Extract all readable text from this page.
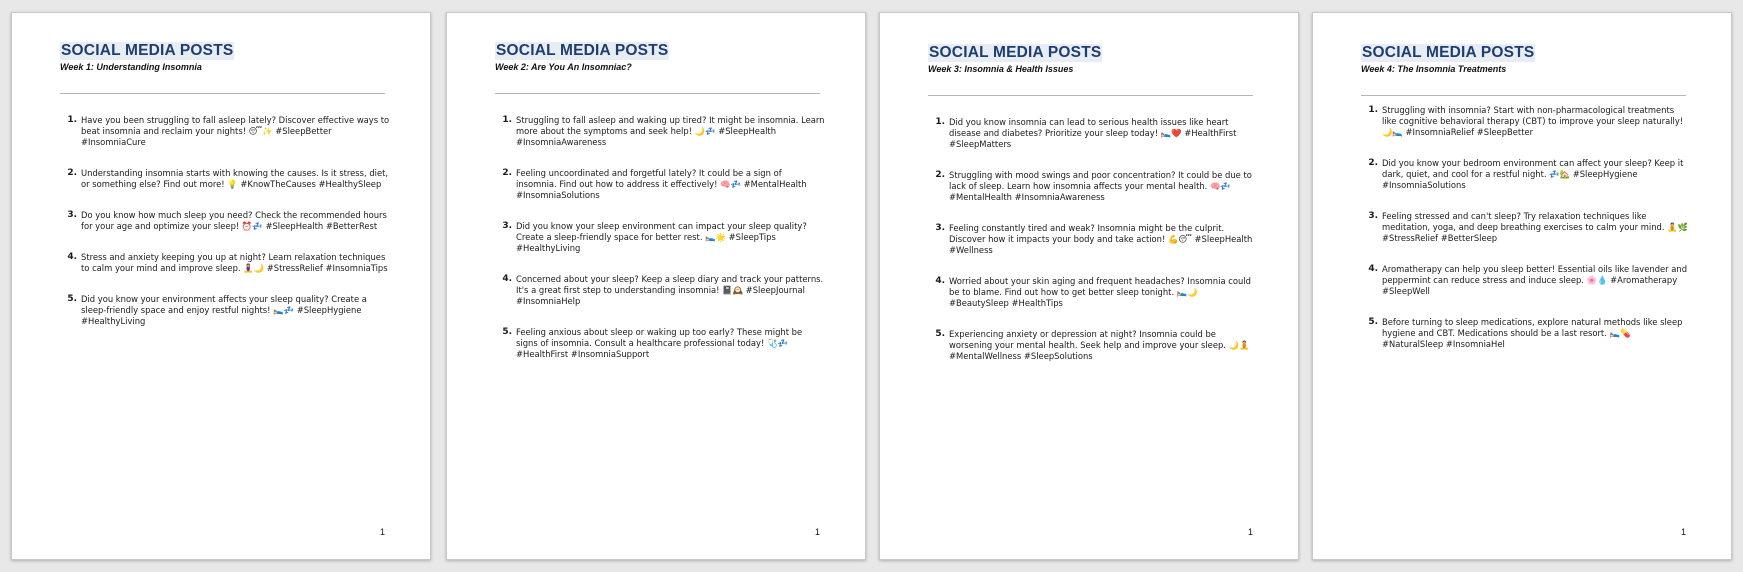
SOCIAL MEDIA POSTS
Week 1: Understanding Insomnia
1. Have you been struggling to fall asleep lately? Discover effective ways to beat insomnia and reclaim your nights! 😴✨ #SleepBetter #InsomniaCure
2. Understanding insomnia starts with knowing the causes. Is it stress, diet, or something else? Find out more! 💡 #KnowTheCauses #HealthySleep
3. Do you know how much sleep you need? Check the recommended hours for your age and optimize your sleep! ⏰💤 #SleepHealth #BetterRest
4. Stress and anxiety keeping you up at night? Learn relaxation techniques to calm your mind and improve sleep. 🧘‍♀️🌙 #StressRelief #InsomniaTips
5. Did you know your environment affects your sleep quality? Create a sleep-friendly space and enjoy restful nights! 🛌💤 #SleepHygiene #HealthyLiving
1
SOCIAL MEDIA POSTS
Week 2: Are You An Insomniac?
1. Struggling to fall asleep and waking up tired? It might be insomnia. Learn more about the symptoms and seek help! 🌙💤 #SleepHealth #InsomniaAwareness
2. Feeling uncoordinated and forgetful lately? It could be a sign of insomnia. Find out how to address it effectively! 🧠💤 #MentalHealth #InsomniaSolutions
3. Did you know your sleep environment can impact your sleep quality? Create a sleep-friendly space for better rest. 🛌🌟 #SleepTips #HealthyLiving
4. Concerned about your sleep? Keep a sleep diary and track your patterns. It's a great first step to understanding insomnia! 📓🕰️ #SleepJournal #InsomniaHelp
5. Feeling anxious about sleep or waking up too early? These might be signs of insomnia. Consult a healthcare professional today! 🩺💤 #HealthFirst #InsomniaSupport
1
SOCIAL MEDIA POSTS
Week 3: Insomnia & Health Issues
1. Did you know insomnia can lead to serious health issues like heart disease and diabetes? Prioritize your sleep today! 🛌❤️ #HealthFirst #SleepMatters
2. Struggling with mood swings and poor concentration? It could be due to lack of sleep. Learn how insomnia affects your mental health. 🧠💤 #MentalHealth #InsomniaAwareness
3. Feeling constantly tired and weak? Insomnia might be the culprit. Discover how it impacts your body and take action! 💪😴 #SleepHealth #Wellness
4. Worried about your skin aging and frequent headaches? Insomnia could be to blame. Find out how to get better sleep tonight. 🛌🌙 #BeautySleep #HealthTips
5. Experiencing anxiety or depression at night? Insomnia could be worsening your mental health. Seek help and improve your sleep. 🌙🧘 #MentalWellness #SleepSolutions
1
SOCIAL MEDIA POSTS
Week 4: The Insomnia Treatments
1. Struggling with insomnia? Start with non-pharmacological treatments like cognitive behavioral therapy (CBT) to improve your sleep naturally! 🌙🛌 #InsomniaRelief #SleepBetter
2. Did you know your bedroom environment can affect your sleep? Keep it dark, quiet, and cool for a restful night. 💤🏡 #SleepHygiene #InsomniaSolutions
3. Feeling stressed and can't sleep? Try relaxation techniques like meditation, yoga, and deep breathing exercises to calm your mind. 🧘🌿 #StressRelief #BetterSleep
4. Aromatherapy can help you sleep better! Essential oils like lavender and peppermint can reduce stress and induce sleep. 🌸💧 #Aromatherapy #SleepWell
5. Before turning to sleep medications, explore natural methods like sleep hygiene and CBT. Medications should be a last resort. 🛌💊 #NaturalSleep #InsomniaHel
1
